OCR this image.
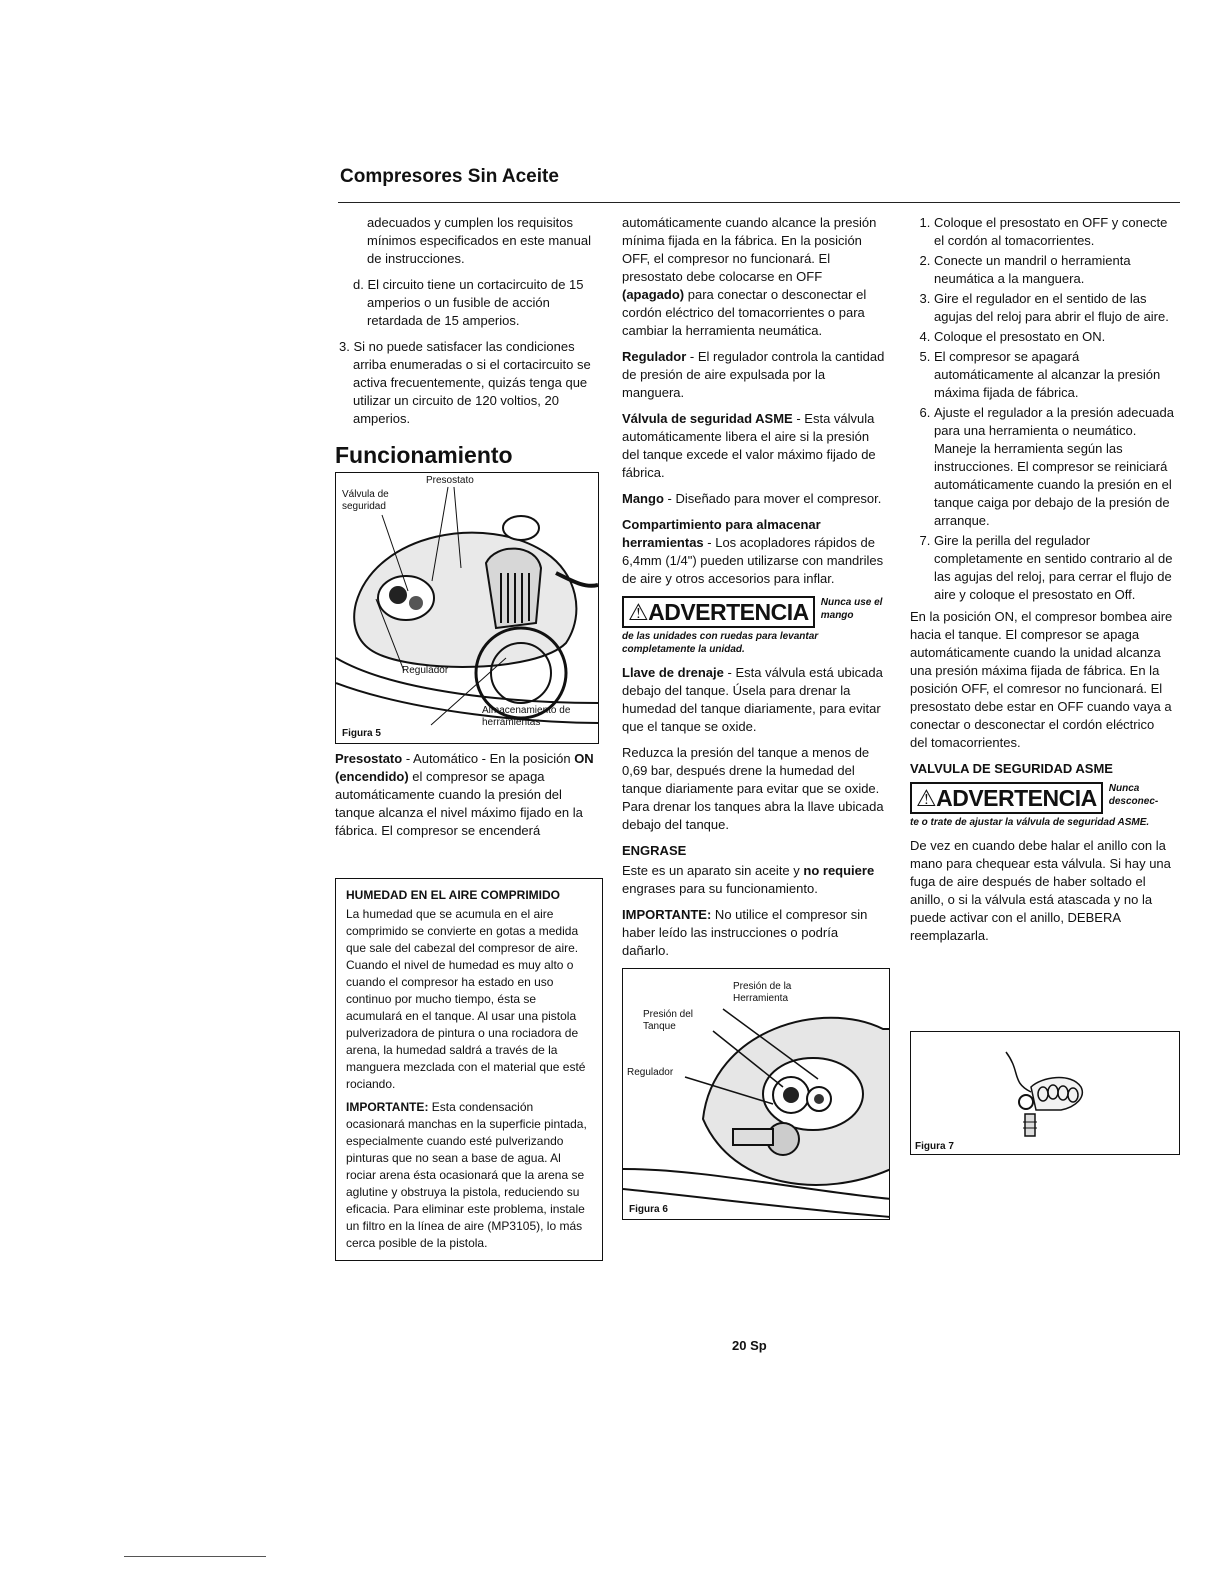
Compresores Sin Aceite

adecuados y cumplen los requisitos mínimos especificados en este manual de instrucciones.

d. El circuito tiene un cortacircuito de 15 amperios o un fusible de acción retardada de 15 amperios.

3. Si no puede satisfacer las condiciones arriba enumeradas o si el cortacircuito se activa frecuentemente, quizás tenga que utilizar un circuito de 120 voltios, 20 amperios.

Funcionamiento
Presostato
Válvula de seguridad
Regulador
Almacenamiento de herramientas
Figura 5

Presostato - Automático - En la posición ON (encendido) el compresor se apaga automáticamente cuando la presión del tanque alcanza el nivel máximo fijado en la fábrica. El compresor se encenderá

HUMEDAD EN EL AIRE COMPRIMIDO

La humedad que se acumula en el aire comprimido se convierte en gotas a medida que sale del cabezal del compresor de aire. Cuando el nivel de humedad es muy alto o cuando el compresor ha estado en uso continuo por mucho tiempo, ésta se acumulará en el tanque. Al usar una pistola pulverizadora de pintura o una rociadora de arena, la humedad saldrá a través de la manguera mezclada con el material que esté rociando.

IMPORTANTE: Esta condensación ocasionará manchas en la superficie pintada, especialmente cuando esté pulverizando pinturas que no sean a base de agua. Al rociar arena ésta ocasionará que la arena se aglutine y obstruya la pistola, reduciendo su eficacia. Para eliminar este problema, instale un filtro en la línea de aire (MP3105), lo más cerca posible de la pistola.

automáticamente cuando alcance la presión mínima fijada en la fábrica. En la posición OFF, el compresor no funcionará. El presostato debe colocarse en OFF (apagado) para conectar o desconectar el cordón eléctrico del tomacorrientes o para cambiar la herramienta neumática.

Regulador - El regulador controla la cantidad de presión de aire expulsada por la manguera.

Válvula de seguridad ASME - Esta válvula automáticamente libera el aire si la presión del tanque excede el valor máximo fijado de fábrica.

Mango - Diseñado para mover el compresor.

Compartimiento para almacenar herramientas - Los acopladores rápidos de 6,4mm (1/4") pueden utilizarse con mandriles de aire y otros accesorios para inflar.

⚠ADVERTENCIA	Nunca use el mango
de las unidades con ruedas para levantar completamente la unidad.

Llave de drenaje - Esta válvula está ubicada debajo del tanque. Úsela para drenar la humedad del tanque diariamente, para evitar que el tanque se oxide.

Reduzca la presión del tanque a menos de 0,69 bar, después drene la humedad del tanque diariamente para evitar que se oxide. Para drenar los tanques abra la llave ubicada debajo del tanque.

ENGRASE

Este es un aparato sin aceite y no requiere engrases para su funcionamiento.

IMPORTANTE: No utilice el compresor sin haber leído las instrucciones o podría dañarlo.

Presión de la Herramienta
Presión del Tanque
Regulador
Figura 6
1. Coloque el presostato en OFF y conecte el cordón al tomacorrientes.
2. Conecte un mandril o herramienta neumática a la manguera.
3. Gire el regulador en el sentido de las agujas del reloj para abrir el flujo de aire.
4. Coloque el presostato en ON.
5. El compresor se apagará automáticamente al alcanzar la presión máxima fijada de fábrica.
6. Ajuste el regulador a la presión adecuada para una herramienta o neumático. Maneje la herramienta según las instrucciones. El compresor se reiniciará automáticamente cuando la presión en el tanque caiga por debajo de la presión de arranque.
7. Gire la perilla del regulador completamente en sentido contrario al de las agujas del reloj, para cerrar el flujo de aire y coloque el presostato en Off.

En la posición ON, el compresor bombea aire hacia el tanque. El compresor se apaga automáticamente cuando la unidad alcanza una presión máxima fijada de fábrica. En la posición OFF, el comresor no funcionará. El presostato debe estar en OFF cuando vaya a conectar o desconectar el cordón eléctrico del tomacorrientes.

VALVULA DE SEGURIDAD ASME

⚠ADVERTENCIA	Nunca desconec-
te o trate de ajustar la válvula de seguridad ASME.

De vez en cuando debe halar el anillo con la mano para chequear esta válvula. Si hay una fuga de aire después de haber soltado el anillo, o si la válvula está atascada y no la puede activar con el anillo, DEBERA reemplazarla.

Figura 7
20 Sp
